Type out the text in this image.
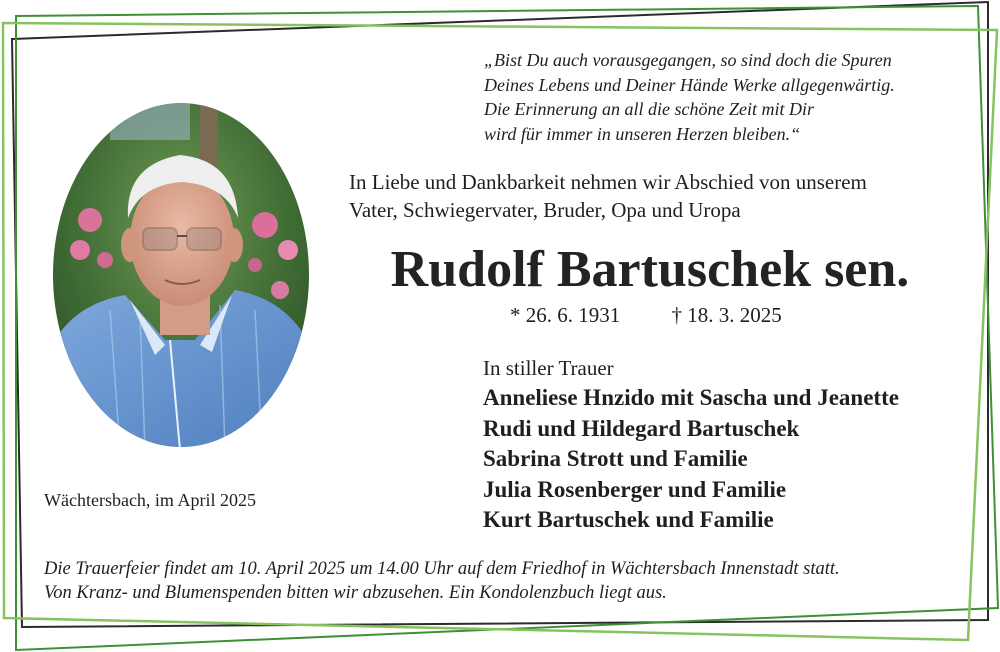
„Bist Du auch vorausgegangen, so sind doch die Spuren
Deines Lebens und Deiner Hände Werke allgegenwärtig.
Die Erinnerung an all die schöne Zeit mit Dir
wird für immer in unseren Herzen bleiben.“
In Liebe und Dankbarkeit nehmen wir Abschied von unserem
Vater, Schwiegervater, Bruder, Opa und Uropa
Rudolf Bartuschek sen.
* 26. 6. 1931 † 18. 3. 2025
In stiller Trauer
Anneliese Hnzido mit Sascha und Jeanette
Rudi und Hildegard Bartuschek
Sabrina Strott und Familie
Julia Rosenberger und Familie
Kurt Bartuschek und Familie
Wächtersbach, im April 2025
Die Trauerfeier findet am 10. April 2025 um 14.00 Uhr auf dem Friedhof in Wächtersbach Innenstadt statt.
Von Kranz- und Blumenspenden bitten wir abzusehen. Ein Kondolenzbuch liegt aus.
